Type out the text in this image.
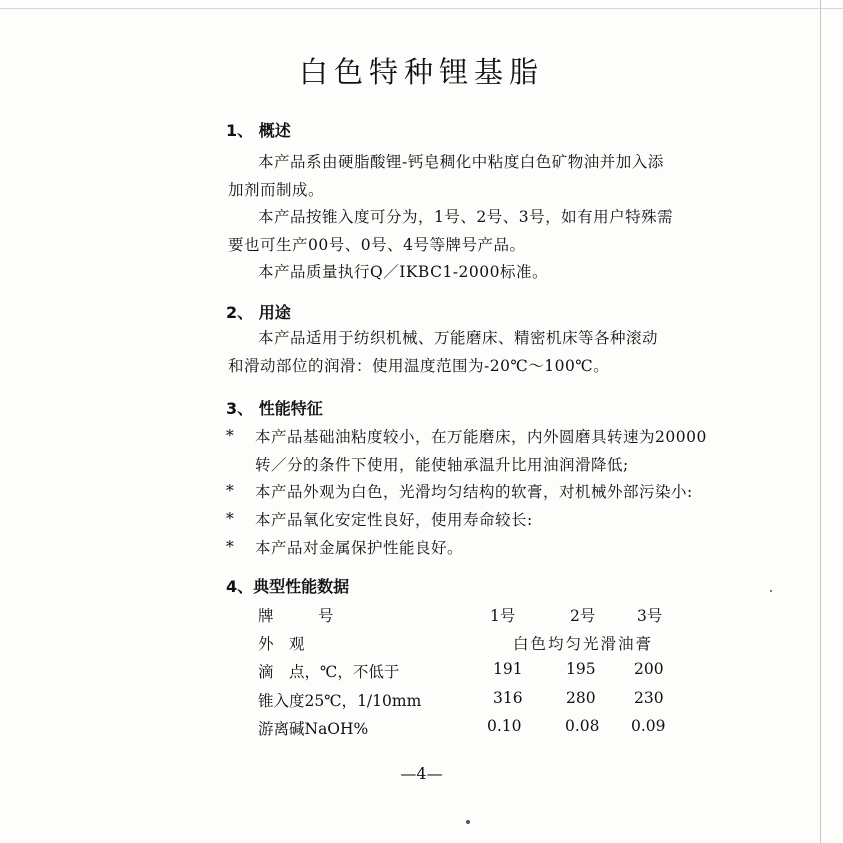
白色特种锂基脂
1、 概述
本产品系由硬脂酸锂-钙皂稠化中粘度白色矿物油并加入添
加剂而制成。
本产品按锥入度可分为，1号、2号、3号，如有用户特殊需
要也可生产00号、0号、4号等牌号产品。
本产品质量执行Q／IKBC1-2000标准。
2、 用途
本产品适用于纺织机械、万能磨床、精密机床等各种滚动
和滑动部位的润滑：使用温度范围为-20℃～100℃。
3、 性能特征
* 本产品基础油粘度较小，在万能磨床，内外圆磨具转速为20000
转／分的条件下使用，能使轴承温升比用油润滑降低;
* 本产品外观为白色，光滑均匀结构的软膏，对机械外部污染小:
* 本产品氧化安定性良好，使用寿命较长:
* 本产品对金属保护性能良好。
4、典型性能数据
牌	号	1号	2号	3号
外　观	白色均匀光滑油膏
滴　点，℃，不低于	191	195 200
锥入度25℃，1/10mm	316	280 230
游离碱NaOH%	0.10	0.08 0.09
—4—
